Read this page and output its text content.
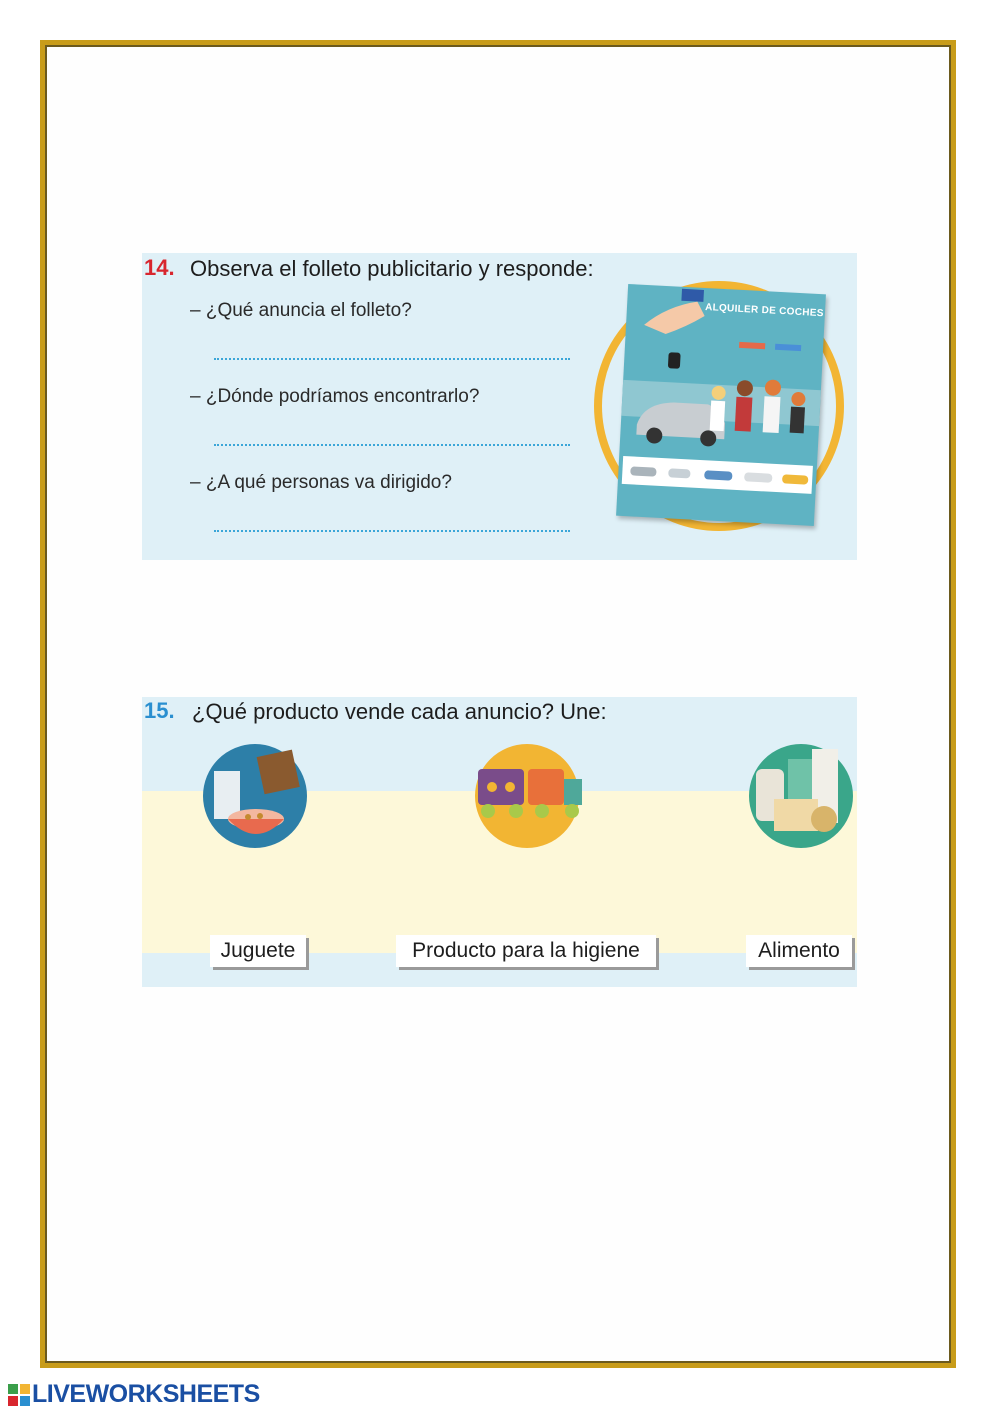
14. Observa el folleto publicitario y responde:
– ¿Qué anuncia el folleto?
– ¿Dónde podríamos encontrarlo?
– ¿A qué personas va dirigido?
ALQUILER DE COCHES
15. ¿Qué producto vende cada anuncio? Une:
Juguete	Producto para la higiene	Alimento
LIVEWORKSHEETS
